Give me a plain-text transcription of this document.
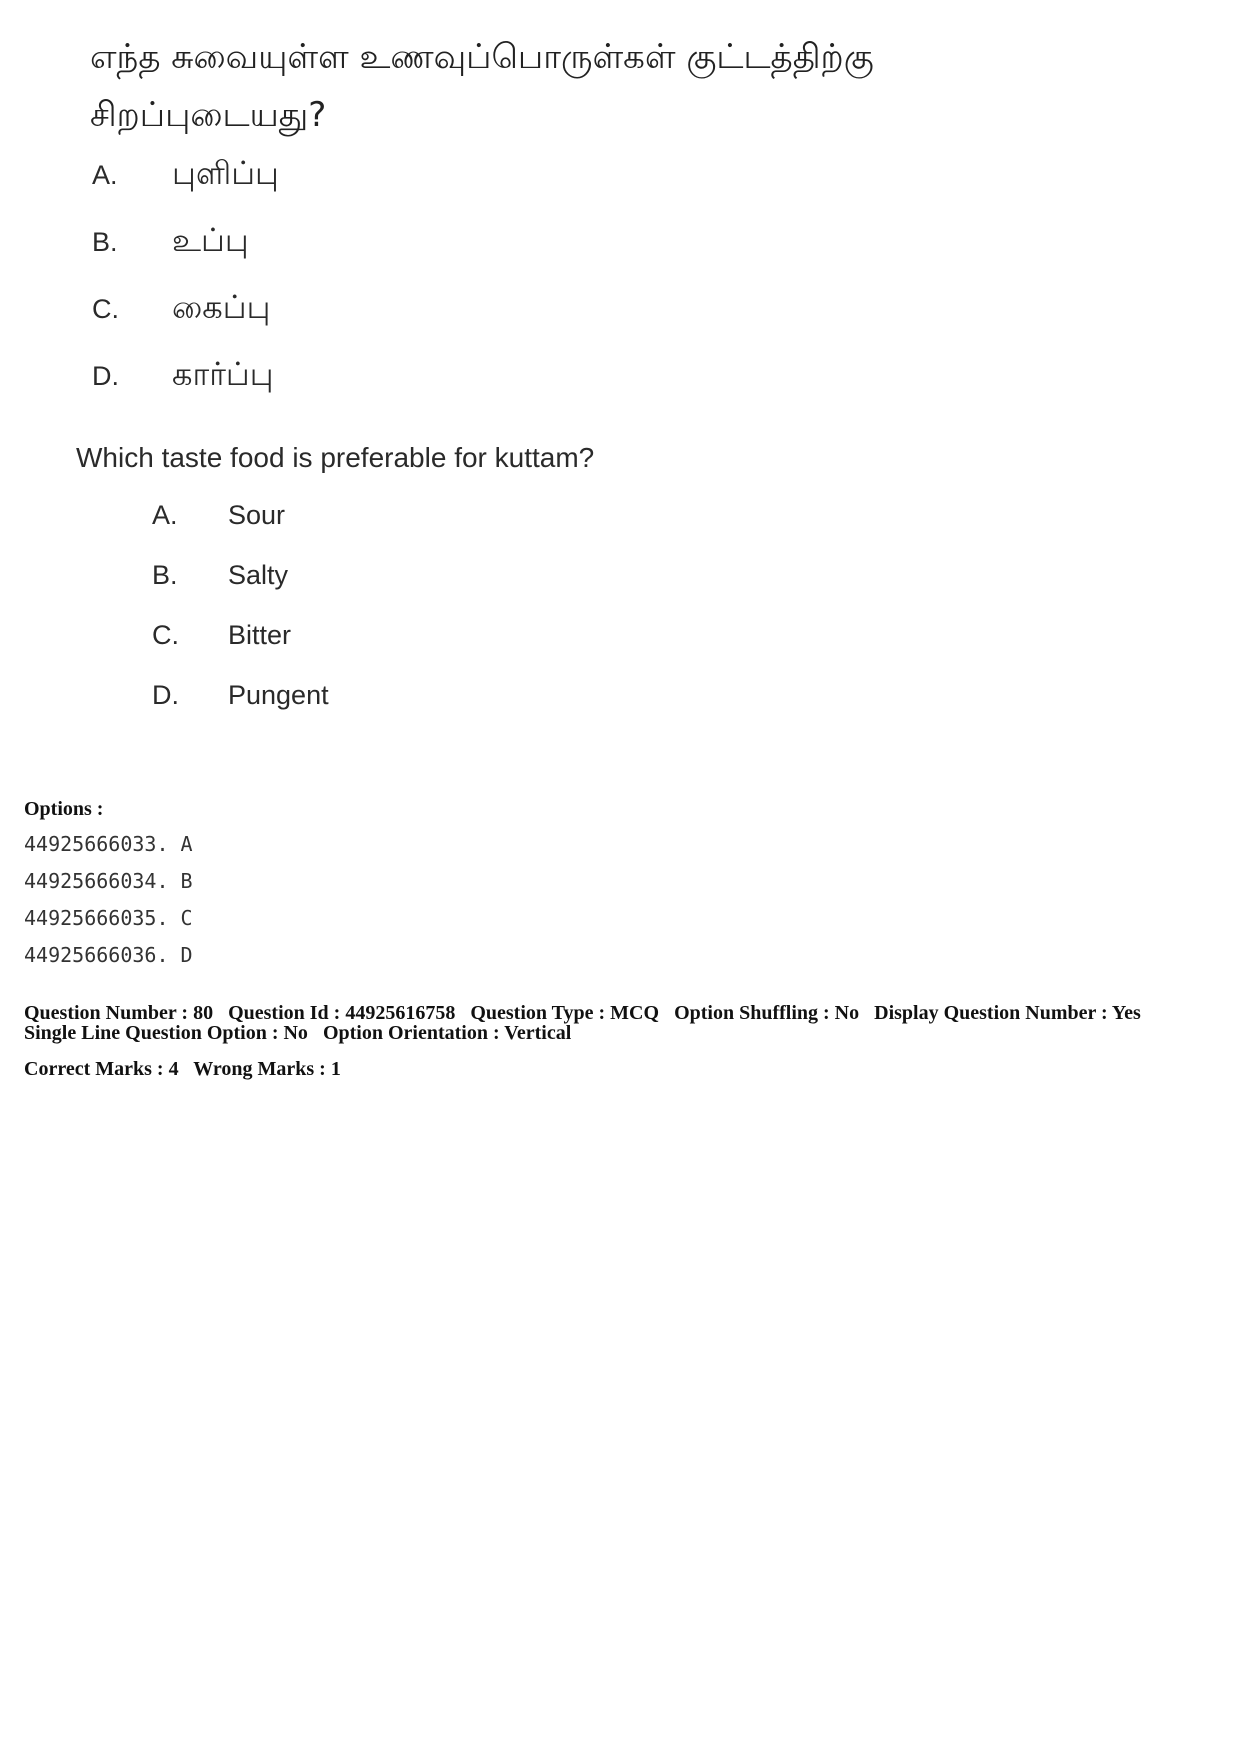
எந்த சுவையுள்ள உணவுப்பொருள்கள் குட்டத்திற்கு சிறப்புடையது?
A. புளிப்பு
B. உப்பு
C. கைப்பு
D. கார்ப்பு
Which taste food is preferable for kuttam?
A. Sour
B. Salty
C. Bitter
D. Pungent
Options :
44925666033. A
44925666034. B
44925666035. C
44925666036. D
Question Number : 80 Question Id : 44925616758 Question Type : MCQ Option Shuffling : No Display Question Number : Yes
Single Line Question Option : No Option Orientation : Vertical
Correct Marks : 4 Wrong Marks : 1
